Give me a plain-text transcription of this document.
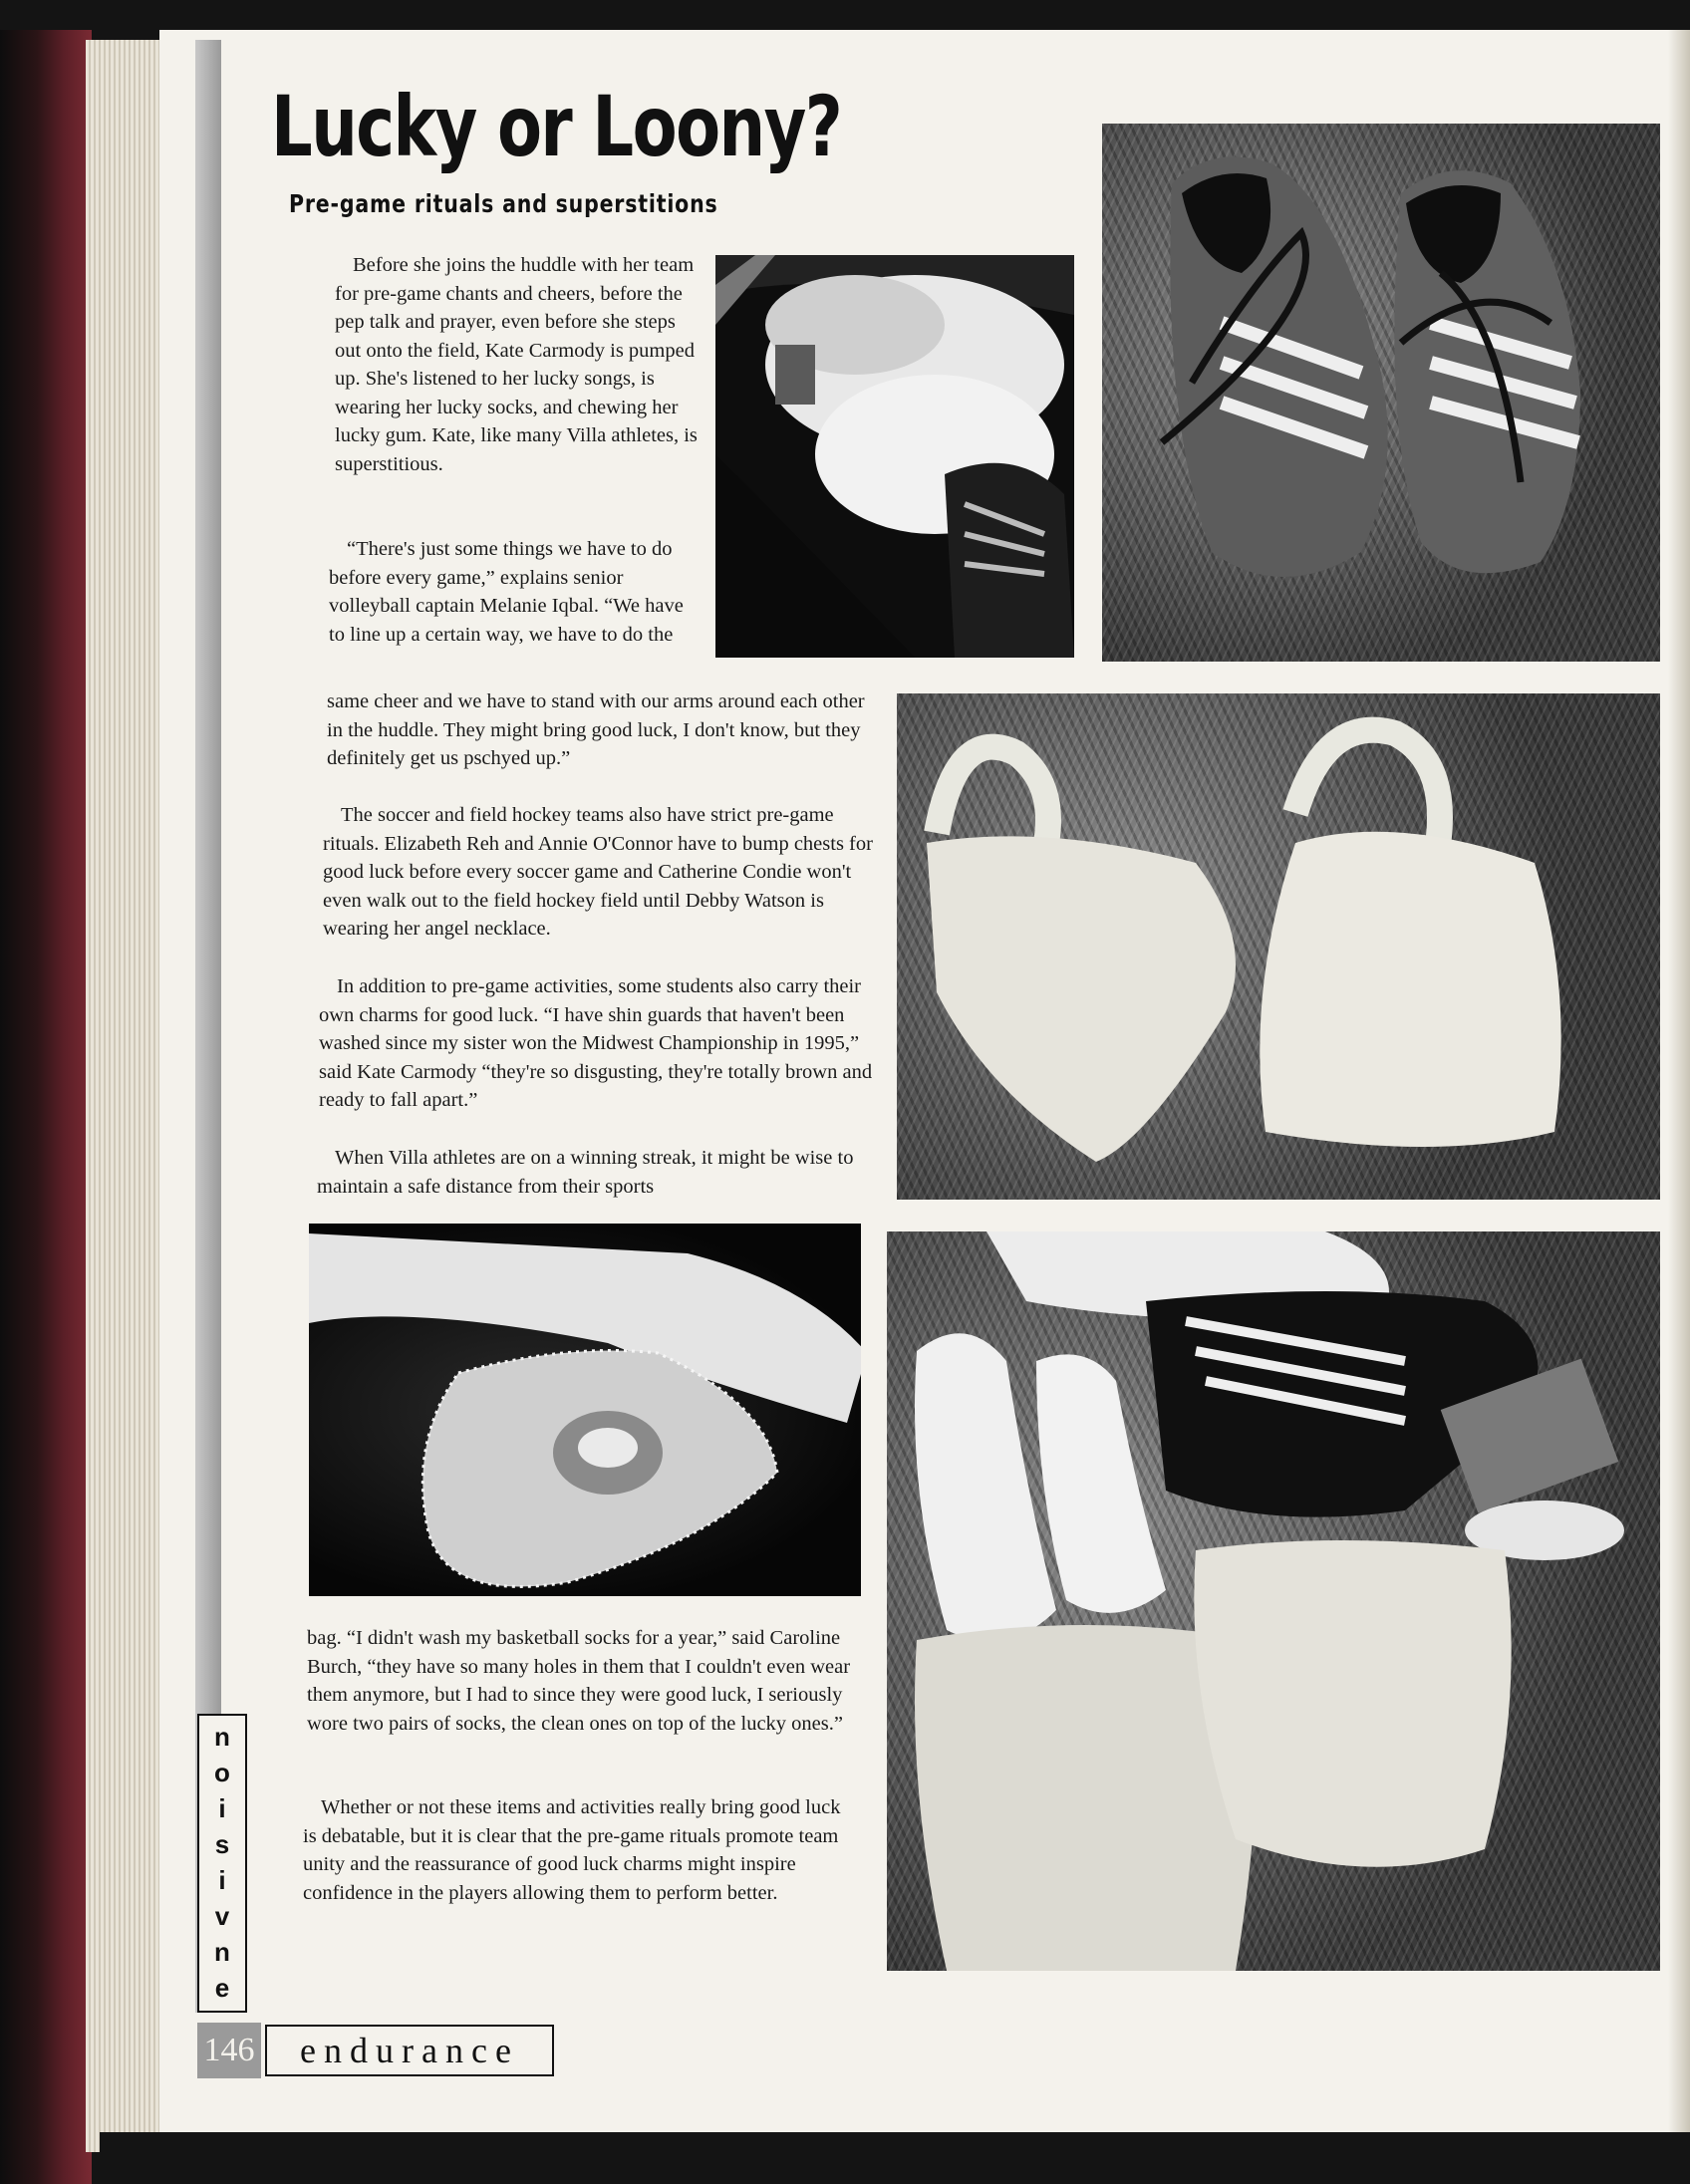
Lucky or Loony?
Pre-game rituals and superstitions

Before she joins the huddle with her team for pre-game chants and cheers, before the pep talk and prayer, even before she steps out onto the field, Kate Carmody is pumped up. She's listened to her lucky songs, is wearing her lucky socks, and chewing her lucky gum. Kate, like many Villa athletes, is superstitious.

“There's just some things we have to do before every game,” explains senior volleyball captain Melanie Iqbal. “We have to line up a certain way, we have to do the

same cheer and we have to stand with our arms around each other in the huddle. They might bring good luck, I don't know, but they definitely get us pschyed up.”

The soccer and field hockey teams also have strict pre-game rituals. Elizabeth Reh and Annie O'Connor have to bump chests for good luck before every soccer game and Catherine Condie won't even walk out to the field hockey field until Debby Watson is wearing her angel necklace.

In addition to pre-game activities, some students also carry their own charms for good luck. “I have shin guards that haven't been washed since my sister won the Midwest Championship in 1995,” said Kate Carmody “they're so disgusting, they're totally brown and ready to fall apart.”

When Villa athletes are on a winning streak, it might be wise to maintain a safe distance from their sports

bag. “I didn't wash my basketball socks for a year,” said Caroline Burch, “they have so many holes in them that I couldn't even wear them anymore, but I had to since they were good luck, I seriously wore two pairs of socks, the clean ones on top of the lucky ones.”

Whether or not these items and activities really bring good luck is debatable, but it is clear that the pre-game rituals promote team unity and the reassurance of good luck charms might inspire confidence in the players allowing them to perform better.

n
o
i
s
i
v
n
e
146	endurance
